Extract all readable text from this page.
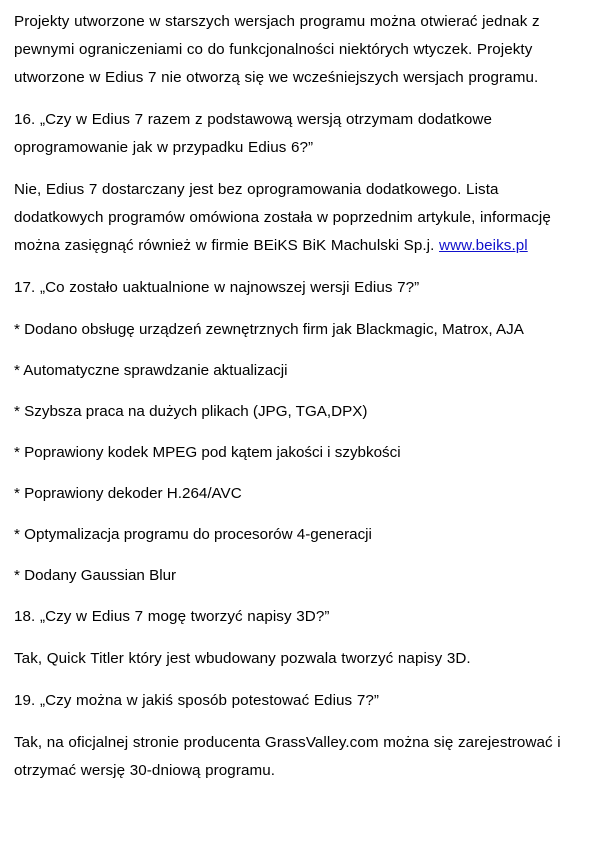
Projekty utworzone w starszych wersjach programu można otwierać jednak z pewnymi ograniczeniami co do funkcjonalności niektórych wtyczek. Projekty utworzone w Edius 7 nie otworzą się we wcześniejszych wersjach programu.

16. „Czy w Edius 7 razem z podstawową wersją otrzymam dodatkowe oprogramowanie jak w przypadku Edius 6?”

Nie, Edius 7 dostarczany jest bez oprogramowania dodatkowego. Lista dodatkowych programów omówiona została w poprzednim artykule, informację można zasięgnąć również w firmie BEiKS BiK Machulski Sp.j. www.beiks.pl

17. „Co zostało uaktualnione w najnowszej wersji Edius 7?”

* Dodano obsługę urządzeń zewnętrznych firm jak Blackmagic, Matrox, AJA

* Automatyczne sprawdzanie aktualizacji

* Szybsza praca na dużych plikach (JPG, TGA,DPX)

* Poprawiony kodek MPEG pod kątem jakości i szybkości

* Poprawiony dekoder H.264/AVC

* Optymalizacja programu do procesorów 4-generacji

* Dodany Gaussian Blur

18. „Czy w Edius 7 mogę tworzyć napisy 3D?”

Tak, Quick Titler który jest wbudowany pozwala tworzyć napisy 3D.

19. „Czy można w jakiś sposób potestować Edius 7?”

Tak, na oficjalnej stronie producenta GrassValley.com można się zarejestrować i otrzymać wersję 30-dniową programu.
